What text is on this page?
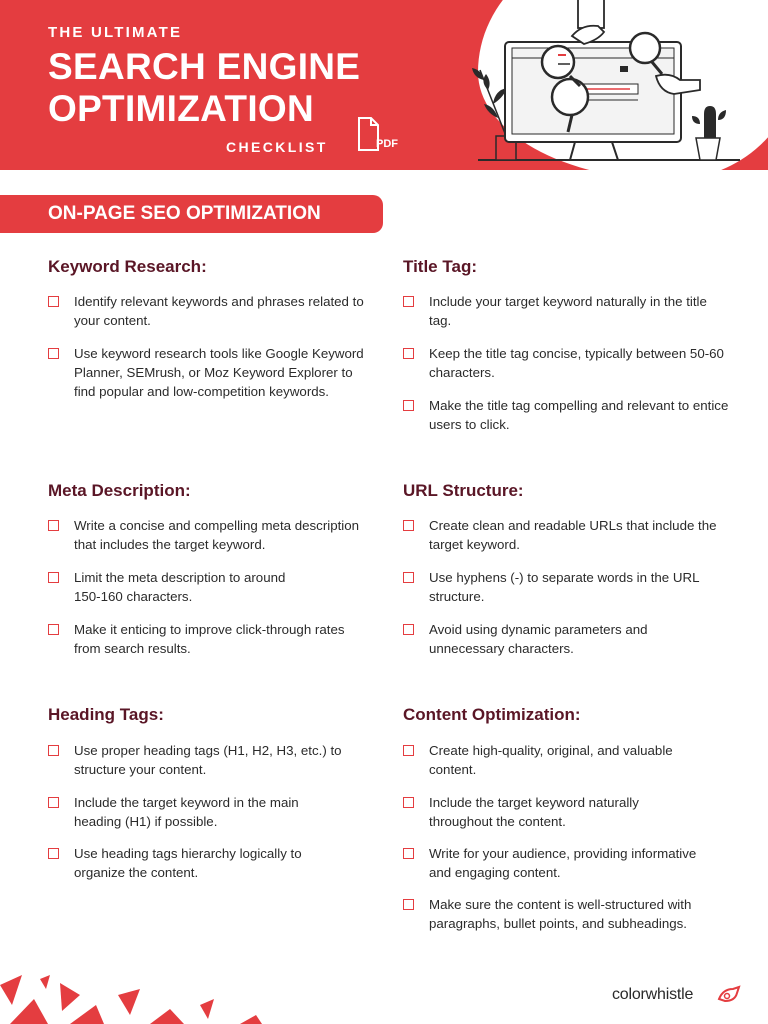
THE ULTIMATE
SEARCH ENGINE
OPTIMIZATION
CHECKLIST	PDF
ON-PAGE SEO OPTIMIZATION
Keyword Research:
Identify relevant keywords and phrases related to your content.
Use keyword research tools like Google Keyword Planner, SEMrush, or Moz Keyword Explorer to find popular and low-competition keywords.
Title Tag:
Include your target keyword naturally in the title tag.
Keep the title tag concise, typically between 50-60 characters.
Make the title tag compelling and relevant to entice users to click.
Meta Description:
Write a concise and compelling meta description that includes the target keyword.
Limit the meta description to around 150-160 characters.
Make it enticing to improve click-through rates from search results.
URL Structure:
Create clean and readable URLs that include the target keyword.
Use hyphens (-) to separate words in the URL structure.
Avoid using dynamic parameters and unnecessary characters.
Heading Tags:
Use proper heading tags (H1, H2, H3, etc.) to structure your content.
Include the target keyword in the main heading (H1) if possible.
Use heading tags hierarchy logically to organize the content.
Content Optimization:
Create high-quality, original, and valuable content.
Include the target keyword naturally throughout the content.
Write for your audience, providing informative and engaging content.
Make sure the content is well-structured with paragraphs, bullet points, and subheadings.
colorwhistle
